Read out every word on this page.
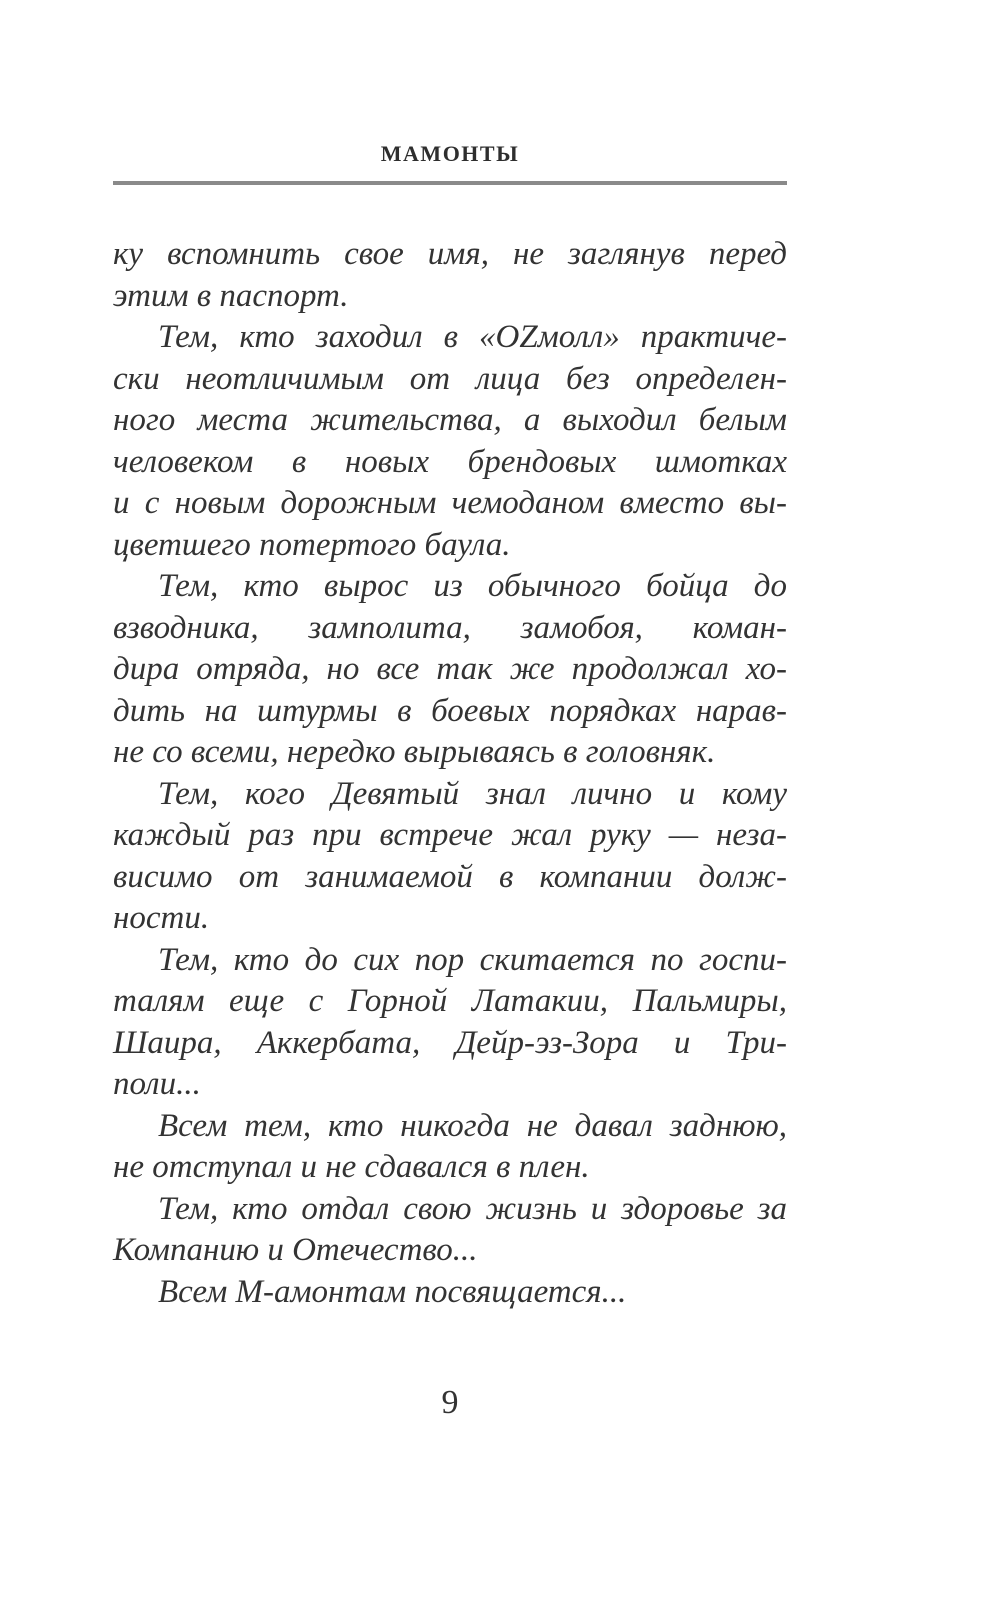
МАМОНТЫ
ку вспомнить свое имя, не заглянув перед
этим в паспорт.
Тем, кто заходил в «OZмолл» практиче-
ски неотличимым от лица без определен-
ного места жительства, а выходил белым
человеком в новых брендовых шмотках
и с новым дорожным чемоданом вместо вы-
цветшего потертого баула.
Тем, кто вырос из обычного бойца до
взводника, замполита, замобоя, коман-
дира отряда, но все так же продолжал хо-
дить на штурмы в боевых порядках нарав-
не со всеми, нередко вырываясь в головняк.
Тем, кого Девятый знал лично и кому
каждый раз при встрече жал руку — неза-
висимо от занимаемой в компании долж-
ности.
Тем, кто до сих пор скитается по госпи-
талям еще с Горной Латакии, Пальмиры,
Шаира, Аккербата, Дейр-эз-Зора и Три-
поли...
Всем тем, кто никогда не давал заднюю,
не отступал и не сдавался в плен.
Тем, кто отдал свою жизнь и здоровье за
Компанию и Отечество...
Всем М-амонтам посвящается...
9
